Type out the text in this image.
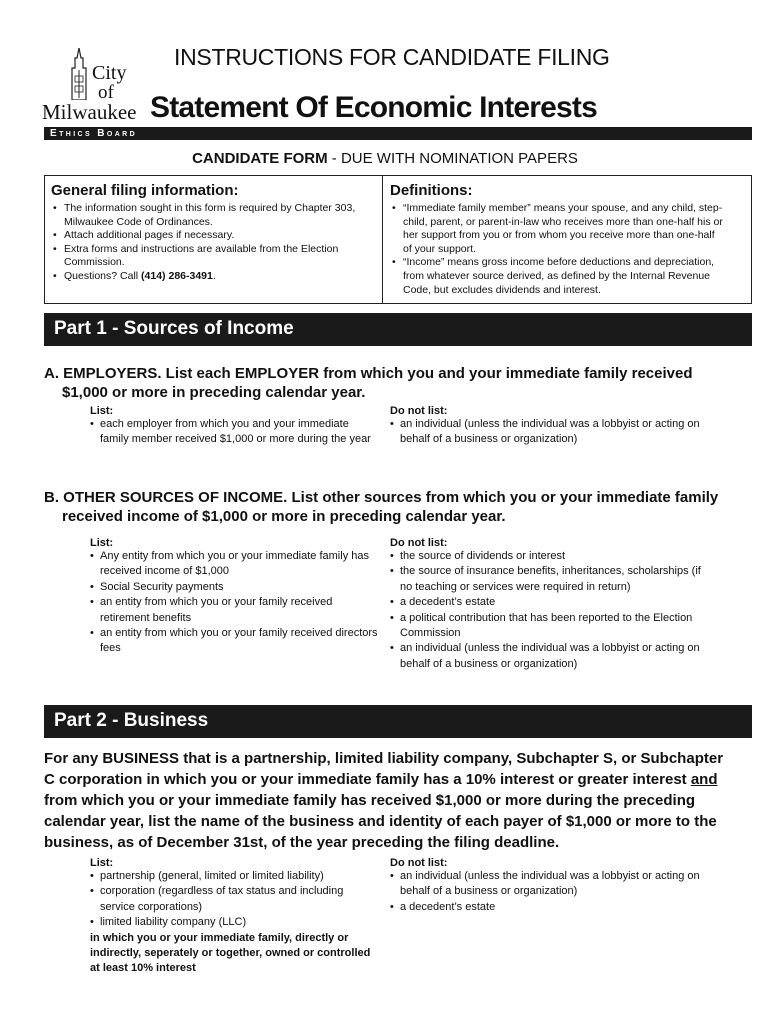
City
of
Milwaukee
INSTRUCTIONS FOR CANDIDATE FILING
Statement Of Economic Interests
Ethics Board
CANDIDATE FORM - DUE WITH NOMINATION PAPERS
General filing information:
• The information sought in this form is required by Chapter 303, Milwaukee Code of Ordinances.
• Attach additional pages if necessary.
• Extra forms and instructions are available from the Election Commission.
• Questions? Call (414) 286-3491.
Definitions:
• “Immediate family member” means your spouse, and any child, step-child, parent, or parent-in-law who receives more than one-half his or her support from you or from whom you receive more than one-half of your support.
• “Income” means gross income before deductions and depreciation, from whatever source derived, as defined by the Internal Revenue Code, but excludes dividends and interest.
Part 1 - Sources of Income
A. EMPLOYERS. List each EMPLOYER from which you and your immediate family received
$1,000 or more in preceding calendar year.
List:
• each employer from which you and your immediate family member received $1,000 or more during the year
Do not list:
• an individual (unless the individual was a lobbyist or acting on behalf of a business or organization)
B. OTHER SOURCES OF INCOME. List other sources from which you or your immediate family
received income of $1,000 or more in preceding calendar year.
List:
• Any entity from which you or your immediate family has received income of $1,000
• Social Security payments
• an entity from which you or your family received retirement benefits
• an entity from which you or your family received directors fees
Do not list:
• the source of dividends or interest
• the source of insurance benefits, inheritances, scholarships (if no teaching or services were required in return)
• a decedent’s estate
• a political contribution that has been reported to the Election Commission
• an individual (unless the individual was a lobbyist or acting on behalf of a business or organization)
Part 2 - Business
For any BUSINESS that is a partnership, limited liability company, Subchapter S, or Subchapter C corporation in which you or your immediate family has a 10% interest or greater interest and from which you or your immediate family has received $1,000 or more during the preceding calendar year, list the name of the business and identity of each payer of $1,000 or more to the business, as of December 31st, of the year preceding the filing deadline.
List:
• partnership (general, limited or limited liability)
• corporation (regardless of tax status and including service corporations)
• limited liability company (LLC)
in which you or your immediate family, directly or indirectly, seperately or together, owned or controlled at least 10% interest
Do not list:
• an individual (unless the individual was a lobbyist or acting on behalf of a business or organization)
• a decedent’s estate
